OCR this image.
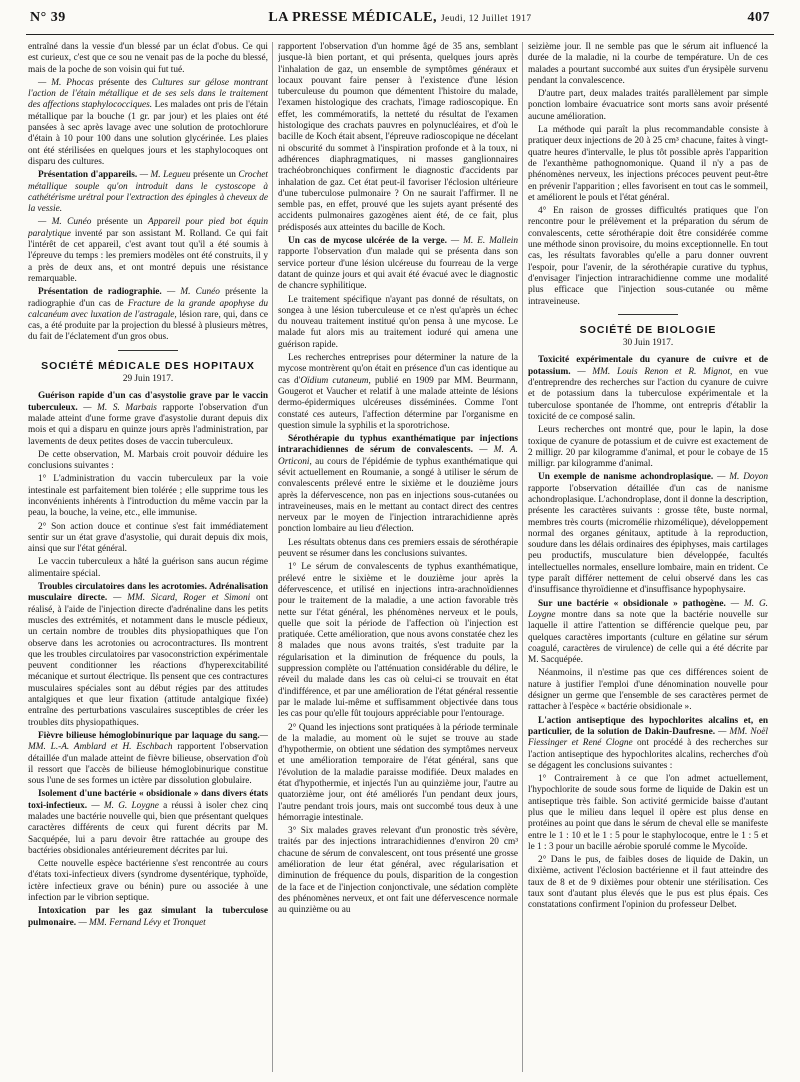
N° 39	LA PRESSE MÉDICALE, Jeudi, 12 Juillet 1917	407

entraîné dans la vessie d'un blessé par un éclat d'obus. Ce qui est curieux, c'est que ce sou ne venait pas de la poche du blessé, mais de la poche de son voisin qui fut tué.

— M. Phocas présente des Cultures sur gélose montrant l'action de l'étain métallique et de ses sels dans le traitement des affections staphylococciques. Les malades ont pris de l'étain métallique par la bouche (1 gr. par jour) et les plaies ont été pansées à sec après lavage avec une solution de protochlorure d'étain à 10 pour 100 dans une solution glycérinée. Les plaies ont été stérilisées en quelques jours et les staphylocoques ont disparu des cultures.

Présentation d'appareils. — M. Legueu présente un Crochet métallique souple qu'on introduit dans le cystoscope à cathétérisme urétral pour l'extraction des épingles à cheveux de la vessie.

— M. Cunéo présente un Appareil pour pied bot équin paralytique inventé par son assistant M. Rolland. Ce qui fait l'intérêt de cet appareil, c'est avant tout qu'il a été soumis à l'épreuve du temps : les premiers modèles ont été construits, il y a près de deux ans, et ont montré depuis une résistance remarquable.

Présentation de radiographie. — M. Cunéo présente la radiographie d'un cas de Fracture de la grande apophyse du calcanéum avec luxation de l'astragale, lésion rare, qui, dans ce cas, a été produite par la projection du blessé à plusieurs mètres, du fait de l'éclatement d'un gros obus.

SOCIÉTÉ MÉDICALE DES HOPITAUX
29 Juin 1917.

Guérison rapide d'un cas d'asystolie grave par le vaccin tuberculeux. — M. S. Marbais rapporte l'observation d'un malade atteint d'une forme grave d'asystolie durant depuis dix mois et qui a disparu en quinze jours après l'administration, par lavements de deux petites doses de vaccin tuberculeux.

De cette observation, M. Marbais croit pouvoir déduire les conclusions suivantes :

1° L'administration du vaccin tuberculeux par la voie intestinale est parfaitement bien tolérée ; elle supprime tous les inconvénients inhérents à l'introduction du même vaccin par la peau, la bouche, la veine, etc., elle immunise.

2° Son action douce et continue s'est fait immédiatement sentir sur un état grave d'asystolie, qui durait depuis dix mois, ainsi que sur l'état général.

Le vaccin tuberculeux a hâté la guérison sans aucun régime alimentaire spécial.

Troubles circulatoires dans les acrotomies. Adrénalisation musculaire directe. — MM. Sicard, Roger et Simoni ont réalisé, à l'aide de l'injection directe d'adrénaline dans les petits muscles des extrémités, et notamment dans le muscle pédieux, un certain nombre de troubles dits physiopathiques que l'on observe dans les acrotonies ou acrocontractures. Ils montrent que les troubles circulatoires par vasoconstriction expérimentale peuvent conditionner les réactions d'hyperexcitabilité mécanique et surtout électrique. Ils pensent que ces contractures musculaires spéciales sont au début régies par des attitudes antalgiques et que leur fixation (attitude antalgique fixée) entraîne des perturbations vasculaires susceptibles de créer les troubles dits physiopathiques.

Fièvre bilieuse hémoglobinurique par laquage du sang.—MM. L.-A. Amblard et H. Eschbach rapportent l'observation détaillée d'un malade atteint de fièvre bilieuse, observation d'où il ressort que l'accès de bilieuse hémoglobinurique constitue sous l'une de ses formes un ictère par dissolution globulaire.

Isolement d'une bactérie « obsidionale » dans divers états toxi-infectieux. — M. G. Loygne a réussi à isoler chez cinq malades une bactérie nouvelle qui, bien que présentant quelques caractères différents de ceux qui furent décrits par M. Sacquépée, lui a paru devoir être rattachée au groupe des bactéries obsidionales antérieurement décrites par lui.

Cette nouvelle espèce bactérienne s'est rencontrée au cours d'états toxi-infectieux divers (syndrome dysentérique, typhoïde, ictère infectieux grave ou bénin) pure ou associée à une infection par le vibrion septique.

Intoxication par les gaz simulant la tuberculose pulmonaire. — MM. Fernand Lévy et Tronquet

rapportent l'observation d'un homme âgé de 35 ans, semblant jusque-là bien portant, et qui présenta, quelques jours après l'inhalation de gaz, un ensemble de symptômes généraux et locaux pouvant faire penser à l'existence d'une lésion tuberculeuse du poumon que démentent l'histoire du malade, l'examen histologique des crachats, l'image radioscopique. En effet, les commémoratifs, la netteté du résultat de l'examen histologique des crachats pauvres en polynucléaires, et d'où le bacille de Koch était absent, l'épreuve radioscopique ne décelant ni obscurité du sommet à l'inspiration profonde et à la toux, ni adhérences diaphragmatiques, ni masses ganglionnaires trachéobronchiques confirment le diagnostic d'accidents par inhalation de gaz. Cet état peut-il favoriser l'éclosion ultérieure d'une tuberculose pulmonaire ? On ne saurait l'affirmer. Il ne semble pas, en effet, prouvé que les sujets ayant présenté des accidents pulmonaires gazogènes aient été, de ce fait, plus prédisposés aux atteintes du bacille de Koch.

Un cas de mycose ulcérée de la verge. — M. E. Mallein rapporte l'observation d'un malade qui se présenta dans son service porteur d'une lésion ulcéreuse du fourreau de la verge datant de quinze jours et qui avait été évacué avec le diagnostic de chancre syphilitique.

Le traitement spécifique n'ayant pas donné de résultats, on songea à une lésion tuberculeuse et ce n'est qu'après un échec du nouveau traitement institué qu'on pensa à une mycose. Le malade fut alors mis au traitement ioduré qui amena une guérison rapide.

Les recherches entreprises pour déterminer la nature de la mycose montrèrent qu'on était en présence d'un cas identique au cas d'Oïdium cutaneum, publié en 1909 par MM. Beurmann, Gougerot et Vaucher et relatif à une malade atteinte de lésions dermo-épidermiques ulcéreuses disséminées. Comme l'ont constaté ces auteurs, l'affection détermine par l'organisme en question simule la syphilis et la sporotrichose.

Sérothérapie du typhus exanthématique par injections intrarachidiennes de sérum de convalescents. — M. A. Orticoni, au cours de l'épidémie de typhus exanthématique qui sévit actuellement en Roumanie, a songé à utiliser le sérum de convalescents prélevé entre le sixième et le douzième jours après la défervescence, non pas en injections sous-cutanées ou intraveineuses, mais en le mettant au contact direct des centres nerveux par le moyen de l'injection intrarachidienne après ponction lombaire au lieu d'élection.

Les résultats obtenus dans ces premiers essais de sérothérapie peuvent se résumer dans les conclusions suivantes.

1° Le sérum de convalescents de typhus exanthématique, prélevé entre le sixième et le douzième jour après la défervescence, et utilisé en injections intra-arachnoïdiennes pour le traitement de la maladie, a une action favorable très nette sur l'état général, les phénomènes nerveux et le pouls, quelle que soit la période de l'affection où l'injection est pratiquée. Cette amélioration, que nous avons constatée chez les 8 malades que nous avons traités, s'est traduite par la régularisation et la diminution de fréquence du pouls, la suppression complète ou l'atténuation considérable du délire, le réveil du malade dans les cas où celui-ci se trouvait en état d'indifférence, et par une amélioration de l'état général ressentie par le malade lui-même et suffisamment objectivée dans tous les cas pour qu'elle fût toujours appréciable pour l'entourage.

2° Quand les injections sont pratiquées à la période terminale de la maladie, au moment où le sujet se trouve au stade d'hypothermie, on obtient une sédation des symptômes nerveux et une amélioration temporaire de l'état général, sans que l'évolution de la maladie paraisse modifiée. Deux malades en état d'hypothermie, et injectés l'un au quinzième jour, l'autre au quatorzième jour, ont été améliorés l'un pendant deux jours, l'autre pendant trois jours, mais ont succombé tous deux à une hémorragie intestinale.

3° Six malades graves relevant d'un pronostic très sévère, traités par des injections intrarachidiennes d'environ 20 cm³ chacune de sérum de convalescent, ont tous présenté une grosse amélioration de leur état général, avec régularisation et diminution de fréquence du pouls, disparition de la congestion de la face et de l'injection conjonctivale, une sédation complète des phénomènes nerveux, et ont fait une défervescence normale au quinzième ou au

seizième jour. Il ne semble pas que le sérum ait influencé la durée de la maladie, ni la courbe de température. Un de ces malades a pourtant succombé aux suites d'un érysipèle survenu pendant la convalescence.

D'autre part, deux malades traités parallèlement par simple ponction lombaire évacuatrice sont morts sans avoir présenté aucune amélioration.

La méthode qui paraît la plus recommandable consiste à pratiquer deux injections de 20 à 25 cm³ chacune, faites à vingt-quatre heures d'intervalle, le plus tôt possible après l'apparition de l'exanthème pathognomonique. Quand il n'y a pas de phénomènes nerveux, les injections précoces peuvent peut-être en prévenir l'apparition ; elles favorisent en tout cas le sommeil, et améliorent le pouls et l'état général.

4° En raison de grosses difficultés pratiques que l'on rencontre pour le prélèvement et la préparation du sérum de convalescents, cette sérothérapie doit être considérée comme une méthode sinon provisoire, du moins exceptionnelle. En tout cas, les résultats favorables qu'elle a paru donner ouvrent l'espoir, pour l'avenir, de la sérothérapie curative du typhus, d'envisager l'injection intrarachidienne comme une modalité plus efficace que l'injection sous-cutanée ou même intraveineuse.

SOCIÉTÉ DE BIOLOGIE
30 Juin 1917.

Toxicité expérimentale du cyanure de cuivre et de potassium. — MM. Louis Renon et R. Mignot, en vue d'entreprendre des recherches sur l'action du cyanure de cuivre et de potassium dans la tuberculose expérimentale et la tuberculose spontanée de l'homme, ont entrepris d'établir la toxicité de ce composé salin.

Leurs recherches ont montré que, pour le lapin, la dose toxique de cyanure de potassium et de cuivre est exactement de 2 milligr. 20 par kilogramme d'animal, et pour le cobaye de 15 milligr. par kilogramme d'animal.

Un exemple de nanisme achondroplasique. — M. Doyon rapporte l'observation détaillée d'un cas de nanisme achondroplasique. L'achondroplase, dont il donne la description, présente les caractères suivants : grosse tête, buste normal, membres très courts (micromélie rhizomélique), développement normal des organes génitaux, aptitude à la reproduction, soudure dans les délais ordinaires des épiphyses, mais cartilages peu productifs, musculature bien développée, facultés intellectuelles normales, ensellure lombaire, main en trident. Ce type paraît différer nettement de celui observé dans les cas d'insuffisance thyroïdienne et d'insuffisance hypophysaire.

Sur une bactérie « obsidionale » pathogène. — M. G. Loygne montre dans sa note que la bactérie nouvelle sur laquelle il attire l'attention se différencie quelque peu, par quelques caractères importants (culture en gélatine sur sérum coagulé, caractères de virulence) de celle qui a été décrite par M. Sacquépée.

Néanmoins, il n'estime pas que ces différences soient de nature à justifier l'emploi d'une dénomination nouvelle pour désigner un germe que l'ensemble de ses caractères permet de rattacher à l'espèce « bactérie obsidionale ».

L'action antiseptique des hypochlorites alcalins et, en particulier, de la solution de Dakin-Daufresne. — MM. Noël Fiessinger et René Clogne ont procédé à des recherches sur l'action antiseptique des hypochlorites alcalins, recherches d'où se dégagent les conclusions suivantes :

1° Contrairement à ce que l'on admet actuellement, l'hypochlorite de soude sous forme de liquide de Dakin est un antiseptique très faible. Son activité germicide baisse d'autant plus que le milieu dans lequel il opère est plus dense en protéines au point que dans le sérum de cheval elle se manifeste entre le 1 : 10 et le 1 : 5 pour le staphylocoque, entre le 1 : 5 et le 1 : 3 pour un bacille aérobie sporulé comme le Mycoïde.

2° Dans le pus, de faibles doses de liquide de Dakin, un dixième, activent l'éclosion bactérienne et il faut atteindre des taux de 8 et de 9 dixièmes pour obtenir une stérilisation. Ces taux sont d'autant plus élevés que le pus est plus épais. Ces constatations confirment l'opinion du professeur Delbet.
